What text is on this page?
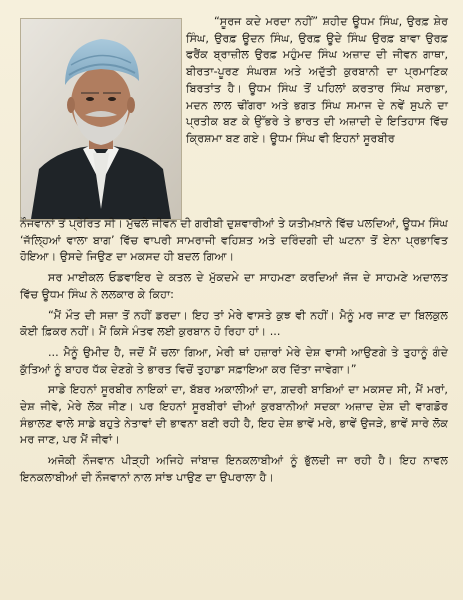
“ਸੂਰਜ ਕਦੇ ਮਰਦਾ ਨਹੀਂ” ਸ਼ਹੀਦ ਊਧਮ ਸਿੰਘ, ਉਰਫ਼ ਸ਼ੇਰ ਸਿੰਘ, ਉਰਫ਼ ਊਦਨ ਸਿੰਘ, ਉਰਫ਼ ਊਦੇ ਸਿੰਘ ਉਰਫ਼ ਬਾਵਾ ਉਰਫ਼ ਫਰੈਂਕ ਬ੍ਰਾਜ਼ੀਲ ਉਰਫ਼ ਮਹੁੰਮਦ ਸਿੰਘ ਅਜ਼ਾਦ ਦੀ ਜੀਵਨ ਗਾਥਾ, ਬੀਰਤਾ-ਪੂਰਣ ਸੰਘਰਸ਼ ਅਤੇ ਅਦੁੱਤੀ ਕੁਰਬਾਨੀ ਦਾ ਪ੍ਰਮਾਣਿਕ ਬਿਰਤਾਂਤ ਹੈ। ਊਧਮ ਸਿੰਘ ਤੋਂ ਪਹਿਲਾਂ ਕਰਤਾਰ ਸਿੰਘ ਸਰਾਭਾ, ਮਦਨ ਲਾਲ ਢੀਂਗਰਾ ਅਤੇ ਭਗਤ ਸਿੰਘ ਸਮਾਜ ਦੇ ਨਵੇਂ ਸੁਪਨੇ ਦਾ ਪ੍ਰਤੀਕ ਬਣ ਕੇ ਉੱਭਰੇ ਤੇ ਭਾਰਤ ਦੀ ਅਜ਼ਾਦੀ ਦੇ ਇਤਿਹਾਸ ਵਿੱਚ ਕ੍ਰਿਸ਼ਮਾ ਬਣ ਗਏ। ਊਧਮ ਸਿੰਘ ਵੀ ਇਹਨਾਂ ਸੂਰਬੀਰ

ਨੌਜਵਾਨਾਂ ਤੋਂ ਪ੍ਰੇਰਿਤ ਸੀ। ਮੁੱਢਲੇ ਜੀਵਨ ਦੀ ਗਰੀਬੀ ਦੁਸ਼ਵਾਰੀਆਂ ਤੇ ਯਤੀਮਖ਼ਾਨੇ ਵਿੱਚ ਪਲਦਿਆਂ, ਊਧਮ ਸਿੰਘ ‘ਜੱਲ੍ਹਿਆਂ ਵਾਲਾ ਬਾਗ’ ਵਿੱਚ ਵਾਪਰੀ ਸਾਮਰਾਜੀ ਵਹਿਸ਼ਤ ਅਤੇ ਦਰਿੰਦਗੀ ਦੀ ਘਟਨਾ ਤੋਂ ਏਨਾ ਪ੍ਰਭਾਵਿਤ ਹੋਇਆ। ਉਸਦੇ ਜਿਉਣ ਦਾ ਮਕਸਦ ਹੀ ਬਦਲ ਗਿਆ।

ਸਰ ਮਾਈਕਲ ਓਡਵਾਇਰ ਦੇ ਕਤਲ ਦੇ ਮੁੱਕਦਮੇ ਦਾ ਸਾਹਮਣਾ ਕਰਦਿਆਂ ਜੱਜ ਦੇ ਸਾਹਮਣੇ ਅਦਾਲਤ ਵਿੱਚ ਊਧਮ ਸਿੰਘ ਨੇ ਲਲਕਾਰ ਕੇ ਕਿਹਾ:

“ਮੈਂ ਮੌਤ ਦੀ ਸਜ਼ਾ ਤੋਂ ਨਹੀਂ ਡਰਦਾ। ਇਹ ਤਾਂ ਮੇਰੇ ਵਾਸਤੇ ਕੁਝ ਵੀ ਨਹੀਂ। ਮੈਨੂੰ ਮਰ ਜਾਣ ਦਾ ਬਿਲਕੁਲ ਕੋਈ ਫ਼ਿਕਰ ਨਹੀਂ। ਮੈਂ ਕਿਸੇ ਮੰਤਵ ਲਈ ਕੁਰਬਾਨ ਹੋ ਰਿਹਾ ਹਾਂ। ...

... ਮੈਨੂੰ ਉਮੀਦ ਹੈ, ਜਦੋਂ ਮੈਂ ਚਲਾ ਗਿਆ, ਮੇਰੀ ਥਾਂ ਹਜ਼ਾਰਾਂ ਮੇਰੇ ਦੇਸ਼ ਵਾਸੀ ਆਉਣਗੇ ਤੇ ਤੁਹਾਨੂੰ ਗੰਦੇ ਕੁੱਤਿਆਂ ਨੂੰ ਬਾਹਰ ਧੱਕ ਦੇਣਗੇ ਤੇ ਭਾਰਤ ਵਿਚੋਂ ਤੁਹਾਡਾ ਸਫ਼ਾਇਆ ਕਰ ਦਿੱਤਾ ਜਾਵੇਗਾ।”

ਸਾਡੇ ਇਹਨਾਂ ਸੂਰਬੀਰ ਨਾਇਕਾਂ ਦਾ, ਬੱਬਰ ਅਕਾਲੀਆਂ ਦਾ, ਗ਼ਦਰੀ ਬਾਬਿਆਂ ਦਾ ਮਕਸਦ ਸੀ, ਮੈਂ ਮਰਾਂ, ਦੇਸ਼ ਜੀਵੇ, ਮੇਰੇ ਲੋਕ ਜੀਣ। ਪਰ ਇਹਨਾਂ ਸੂਰਬੀਰਾਂ ਦੀਆਂ ਕੁਰਬਾਨੀਆਂ ਸਦਕਾ ਅਜ਼ਾਦ ਦੇਸ਼ ਦੀ ਵਾਗਡੋਰ ਸੰਭਾਲਣ ਵਾਲੇ ਸਾਡੇ ਬਹੁਤੇ ਨੇਤਾਵਾਂ ਦੀ ਭਾਵਨਾ ਬਣੀ ਰਹੀ ਹੈ, ਇਹ ਦੇਸ਼ ਭਾਵੇਂ ਮਰੇ, ਭਾਵੇਂ ਉਜੜੇ, ਭਾਵੇਂ ਸਾਰੇ ਲੋਕ ਮਰ ਜਾਣ, ਪਰ ਮੈਂ ਜੀਵਾਂ।

ਅਜੋਕੀ ਨੌਜਵਾਨ ਪੀੜ੍ਹੀ ਅਜਿਹੇ ਜਾਂਬਾਜ਼ ਇਨਕਲਾਬੀਆਂ ਨੂੰ ਭੁੱਲਦੀ ਜਾ ਰਹੀ ਹੈ। ਇਹ ਨਾਵਲ ਇਨਕਲਾਬੀਆਂ ਦੀ ਨੌਜਵਾਨਾਂ ਨਾਲ ਸਾਂਝ ਪਾਉਣ ਦਾ ਉਪਰਾਲਾ ਹੈ।
